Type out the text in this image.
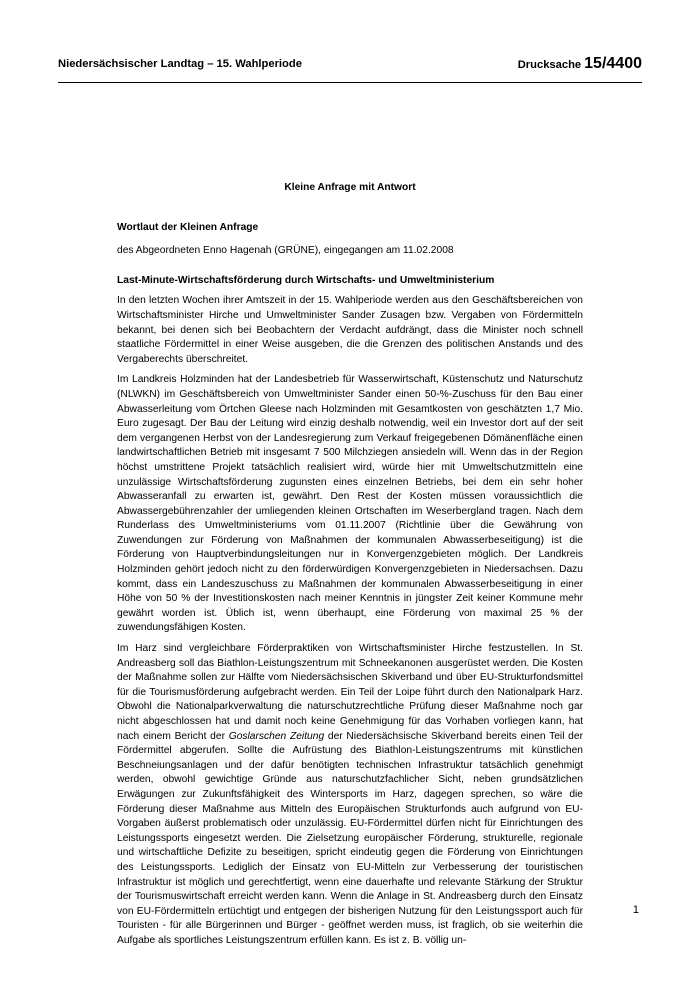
Niedersächsischer Landtag – 15. Wahlperiode	Drucksache 15/4400

Kleine Anfrage mit Antwort

Wortlaut der Kleinen Anfrage

des Abgeordneten Enno Hagenah (GRÜNE), eingegangen am 11.02.2008

Last-Minute-Wirtschaftsförderung durch Wirtschafts- und Umweltministerium

In den letzten Wochen ihrer Amtszeit in der 15. Wahlperiode werden aus den Geschäftsbereichen von Wirtschaftsminister Hirche und Umweltminister Sander Zusagen bzw. Vergaben von Fördermitteln bekannt, bei denen sich bei Beobachtern der Verdacht aufdrängt, dass die Minister noch schnell staatliche Fördermittel in einer Weise ausgeben, die die Grenzen des politischen Anstands und des Vergaberechts überschreitet.

Im Landkreis Holzminden hat der Landesbetrieb für Wasserwirtschaft, Küstenschutz und Naturschutz (NLWKN) im Geschäftsbereich von Umweltminister Sander einen 50-%-Zuschuss für den Bau einer Abwasserleitung vom Örtchen Gleese nach Holzminden mit Gesamtkosten von geschätzten 1,7 Mio. Euro zugesagt. Der Bau der Leitung wird einzig deshalb notwendig, weil ein Investor dort auf der seit dem vergangenen Herbst von der Landesregierung zum Verkauf freigegebenen Dömänenfläche einen landwirtschaftlichen Betrieb mit insgesamt 7 500 Milchziegen ansiedeln will. Wenn das in der Region höchst umstrittene Projekt tatsächlich realisiert wird, würde hier mit Umweltschutzmitteln eine unzulässige Wirtschaftsförderung zugunsten eines einzelnen Betriebs, bei dem ein sehr hoher Abwasseranfall zu erwarten ist, gewährt. Den Rest der Kosten müssen voraussichtlich die Abwassergebührenzahler der umliegenden kleinen Ortschaften im Weserbergland tragen. Nach dem Runderlass des Umweltministeriums vom 01.11.2007 (Richtlinie über die Gewährung von Zuwendungen zur Förderung von Maßnahmen der kommunalen Abwasserbeseitigung) ist die Förderung von Hauptverbindungsleitungen nur in Konvergenzgebieten möglich. Der Landkreis Holzminden gehört jedoch nicht zu den förderwürdigen Konvergenzgebieten in Niedersachsen. Dazu kommt, dass ein Landeszuschuss zu Maßnahmen der kommunalen Abwasserbeseitigung in einer Höhe von 50 % der Investitionskosten nach meiner Kenntnis in jüngster Zeit keiner Kommune mehr gewährt worden ist. Üblich ist, wenn überhaupt, eine Förderung von maximal 25 % der zuwendungsfähigen Kosten.

Im Harz sind vergleichbare Förderpraktiken von Wirtschaftsminister Hirche festzustellen. In St. Andreasberg soll das Biathlon-Leistungszentrum mit Schneekanonen ausgerüstet werden. Die Kosten der Maßnahme sollen zur Hälfte vom Niedersächsischen Skiverband und über EU-Strukturfondsmittel für die Tourismusförderung aufgebracht werden. Ein Teil der Loipe führt durch den Nationalpark Harz. Obwohl die Nationalparkverwaltung die naturschutzrechtliche Prüfung dieser Maßnahme noch gar nicht abgeschlossen hat und damit noch keine Genehmigung für das Vorhaben vorliegen kann, hat nach einem Bericht der Goslarschen Zeitung der Niedersächsische Skiverband bereits einen Teil der Fördermittel abgerufen. Sollte die Aufrüstung des Biathlon-Leistungszentrums mit künstlichen Beschneiungsanlagen und der dafür benötigten technischen Infrastruktur tatsächlich genehmigt werden, obwohl gewichtige Gründe aus naturschutzfachlicher Sicht, neben grundsätzlichen Erwägungen zur Zukunftsfähigkeit des Wintersports im Harz, dagegen sprechen, so wäre die Förderung dieser Maßnahme aus Mitteln des Europäischen Strukturfonds auch aufgrund von EU-Vorgaben äußerst problematisch oder unzulässig. EU-Fördermittel dürfen nicht für Einrichtungen des Leistungssports eingesetzt werden. Die Zielsetzung europäischer Förderung, strukturelle, regionale und wirtschaftliche Defizite zu beseitigen, spricht eindeutig gegen die Förderung von Einrichtungen des Leistungssports. Lediglich der Einsatz von EU-Mitteln zur Verbesserung der touristischen Infrastruktur ist möglich und gerechtfertigt, wenn eine dauerhafte und relevante Stärkung der Struktur der Tourismuswirtschaft erreicht werden kann. Wenn die Anlage in St. Andreasberg durch den Einsatz von EU-Fördermitteln ertüchtigt und entgegen der bisherigen Nutzung für den Leistungssport auch für Touristen - für alle Bürgerinnen und Bürger - geöffnet werden muss, ist fraglich, ob sie weiterhin die Aufgabe als sportliches Leistungszentrum erfüllen kann. Es ist z. B. völlig un-

1
